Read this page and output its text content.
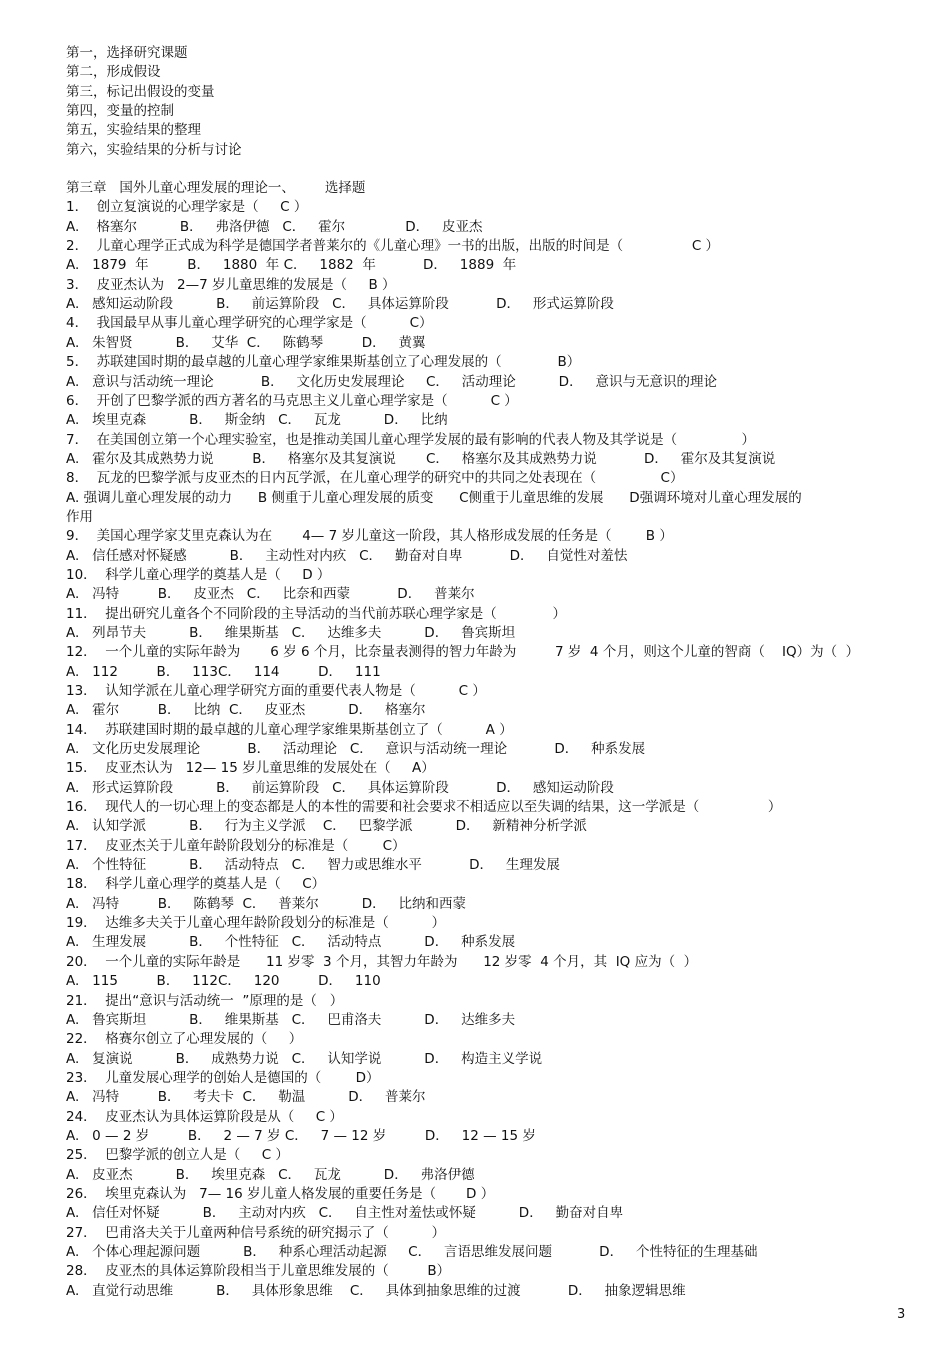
第一，选择研究课题
第二，形成假设
第三，标记出假设的变量
第四，变量的控制
第五，实验结果的整理
第六，实验结果的分析与讨论
第三章   国外儿童心理发展的理论一、       选择题
1．  创立复演说的心理学家是（     C ）
A.    格塞尔          B．   弗洛伊德   C．   霍尔              D．   皮亚杰
2．  儿童心理学正式成为科学是德国学者普莱尔的《儿童心理》一书的出版，出版的时间是（                C ）
A.   1879  年         B．   1880  年 C．   1882  年           D．   1889  年
3．  皮亚杰认为   2—7 岁儿童思维的发展是（     B ）
A.   感知运动阶段          B．   前运算阶段   C．   具体运算阶段           D．   形式运算阶段
4．  我国最早从事儿童心理学研究的心理学家是（          C）
A.   朱智贤          B．   艾华  C．   陈鹤琴         D．   黄翼
5．  苏联建国时期的最卓越的儿童心理学家维果斯基创立了心理发展的（             B）
A.   意识与活动统一理论           B．   文化历史发展理论     C．   活动理论          D．   意识与无意识的理论
6．  开创了巴黎学派的西方著名的马克思主义儿童心理学家是（          C ）
A.   埃里克森          B．   斯金纳   C．   瓦龙          D．   比纳
7．  在美国创立第一个心理实验室，也是推动美国儿童心理学发展的最有影响的代表人物及其学说是（               ）
A.   霍尔及其成熟势力说         B．   格塞尔及其复演说       C．   格塞尔及其成熟势力说           D．   霍尔及其复演说
8．  瓦龙的巴黎学派与皮亚杰的日内瓦学派，在儿童心理学的研究中的共同之处表现在（               C）
A. 强调儿童心理发展的动力      B 侧重于儿童心理发展的质变      C侧重于儿童思维的发展      D强调环境对儿童心理发展的
作用
9．  美国心理学家艾里克森认为在       4— 7 岁儿童这一阶段，其人格形成发展的任务是（        B ）
A.   信任感对怀疑感          B．   主动性对内疚   C．   勤奋对自卑           D．   自觉性对羞怯
10．  科学儿童心理学的奠基人是（     D ）
A.   冯特         B．   皮亚杰   C．   比奈和西蒙           D．   普莱尔
11．  提出研究儿童各个不同阶段的主导活动的当代前苏联心理学家是（             ）
A.   列昂节夫          B．   维果斯基   C．   达维多夫          D．   鲁宾斯坦
12．  一个儿童的实际年龄为       6 岁 6 个月，比奈量表测得的智力年龄为         7 岁  4 个月，则这个儿童的智商（    IQ）为（  ）
A.   112         B．   113C．   114         D．   111
13．  认知学派在儿童心理学研究方面的重要代表人物是（          C ）
A.   霍尔         B．   比纳  C．   皮亚杰          D．   格塞尔
14．  苏联建国时期的最卓越的儿童心理学家维果斯基创立了（          A ）
A.   文化历史发展理论           B．   活动理论   C．   意识与活动统一理论           D．   种系发展
15．  皮亚杰认为   12— 15 岁儿童思维的发展处在（     A）
A.   形式运算阶段          B．   前运算阶段   C．   具体运算阶段           D．   感知运动阶段
16．  现代人的一切心理上的变态都是人的本性的需要和社会要求不相适应以至失调的结果，这一学派是（                ）
A.   认知学派          B．   行为主义学派    C．   巴黎学派          D．   新精神分析学派
17．  皮亚杰关于儿童年龄阶段划分的标准是（        C）
A.   个性特征          B．   活动特点   C．   智力或思维水平           D．   生理发展
18．  科学儿童心理学的奠基人是（     C）
A.   冯特         B．   陈鹤琴  C．   普莱尔          D．   比纳和西蒙
19．  达维多夫关于儿童心理年龄阶段划分的标准是（          ）
A.   生理发展          B．   个性特征   C．   活动特点          D．   种系发展
20．  一个儿童的实际年龄是      11 岁零  3 个月，其智力年龄为      12 岁零  4 个月，其  IQ 应为（  ）
A.   115         B．   112C．   120         D．   110
21．  提出“意识与活动统一  ”原理的是（   ）
A.   鲁宾斯坦          B．   维果斯基   C．   巴甫洛夫          D．   达维多夫
22．  格赛尔创立了心理发展的（     ）
A.   复演说          B．   成熟势力说   C．   认知学说          D．   构造主义学说
23．  儿童发展心理学的创始人是德国的（        D）
A.   冯特         B．   考夫卡  C．   勒温          D．   普莱尔
24．  皮亚杰认为具体运算阶段是从（     C ）
A.   0 — 2 岁         B．   2 — 7 岁 C．   7 — 12 岁         D．   12 — 15 岁
25．  巴黎学派的创立人是（     C ）
A.   皮亚杰          B．   埃里克森   C．   瓦龙          D．   弗洛伊德
26．  埃里克森认为   7— 16 岁儿童人格发展的重要任务是（       D ）
A.   信任对怀疑          B．   主动对内疚   C．   自主性对羞怯或怀疑          D．   勤奋对自卑
27．  巴甫洛夫关于儿童两种信号系统的研究揭示了（          ）
A.   个体心理起源问题          B．   种系心理活动起源     C．   言语思维发展问题           D．   个性特征的生理基础
28．  皮亚杰的具体运算阶段相当于儿童思维发展的（         B）
A.   直觉行动思维          B．   具体形象思维    C．   具体到抽象思维的过渡           D．   抽象逻辑思维
3
